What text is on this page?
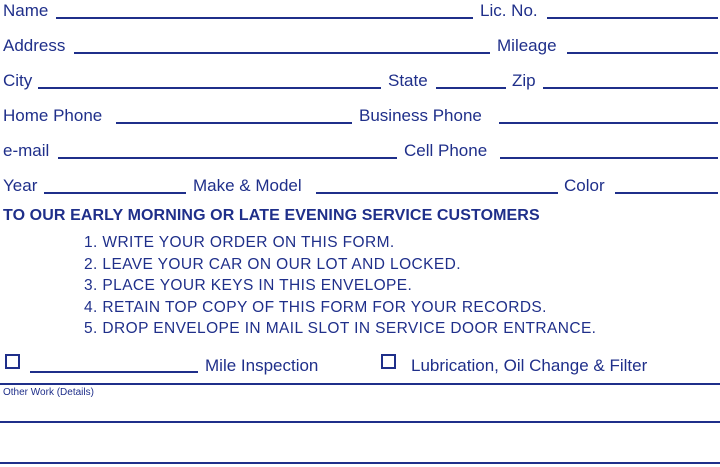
Name	Lic. No.
Address	Mileage
City	State	Zip
Home Phone	Business Phone
e-mail	Cell Phone
Year	Make & Model	Color
TO OUR EARLY MORNING OR LATE EVENING SERVICE CUSTOMERS
1. WRITE YOUR ORDER ON THIS FORM.
2. LEAVE YOUR CAR ON OUR LOT AND LOCKED.
3. PLACE YOUR KEYS IN THIS ENVELOPE.
4. RETAIN TOP COPY OF THIS FORM FOR YOUR RECORDS.
5. DROP ENVELOPE IN MAIL SLOT IN SERVICE DOOR ENTRANCE.
Mile Inspection	Lubrication, Oil Change & Filter
Other Work (Details)
